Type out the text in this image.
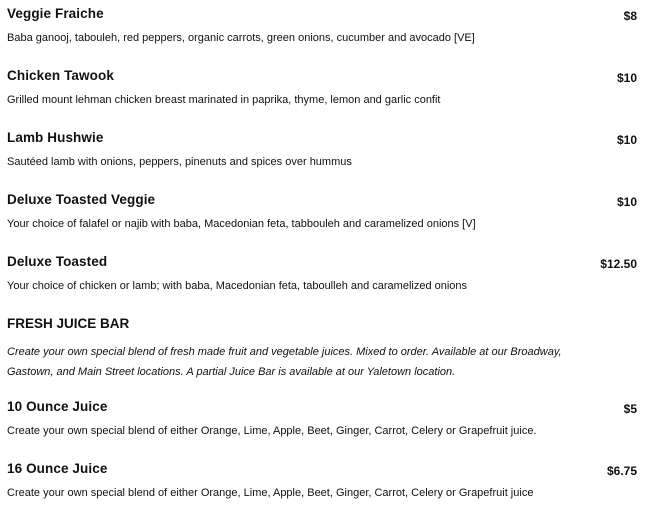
Veggie Fraiche	$8
Baba ganooj, tabouleh, red peppers, organic carrots, green onions, cucumber and avocado [VE]
Chicken Tawook	$10
Grilled mount lehman chicken breast marinated in paprika, thyme, lemon and garlic confit
Lamb Hushwie	$10
Sautéed lamb with onions, peppers, pinenuts and spices over hummus
Deluxe Toasted Veggie	$10
Your choice of falafel or najib with baba, Macedonian feta, tabbouleh and caramelized onions [V]
Deluxe Toasted	$12.50
Your choice of chicken or lamb; with baba, Macedonian feta, taboulleh and caramelized onions
FRESH JUICE BAR
Create your own special blend of fresh made fruit and vegetable juices. Mixed to order. Available at our Broadway, Gastown, and Main Street locations. A partial Juice Bar is available at our Yaletown location.
10 Ounce Juice	$5
Create your own special blend of either Orange, Lime, Apple, Beet, Ginger, Carrot, Celery or Grapefruit juice.
16 Ounce Juice	$6.75
Create your own special blend of either Orange, Lime, Apple, Beet, Ginger, Carrot, Celery or Grapefruit juice
